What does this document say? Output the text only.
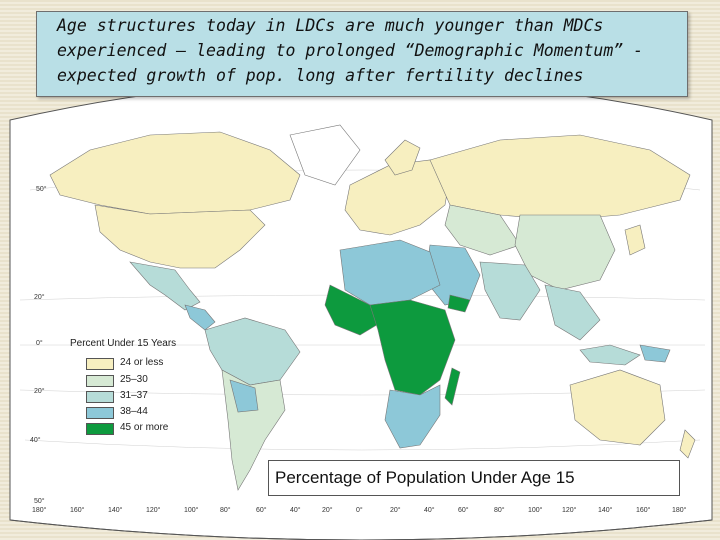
50°
20°
0°
20°
40°
50°
180°	160°	140°	120°	100°	80°	60°	40°	20°	0°	20°	40°	60°	80°	100°	120°	140°	160°	180°
Age structures today in LDCs are much younger than MDCs
experienced – leading to prolonged “Demographic Momentum” -
expected growth of pop. long after fertility declines
Percent Under 15 Years
24 or less
25–30
31–37
38–44
45 or more
Percentage of Population Under Age 15
